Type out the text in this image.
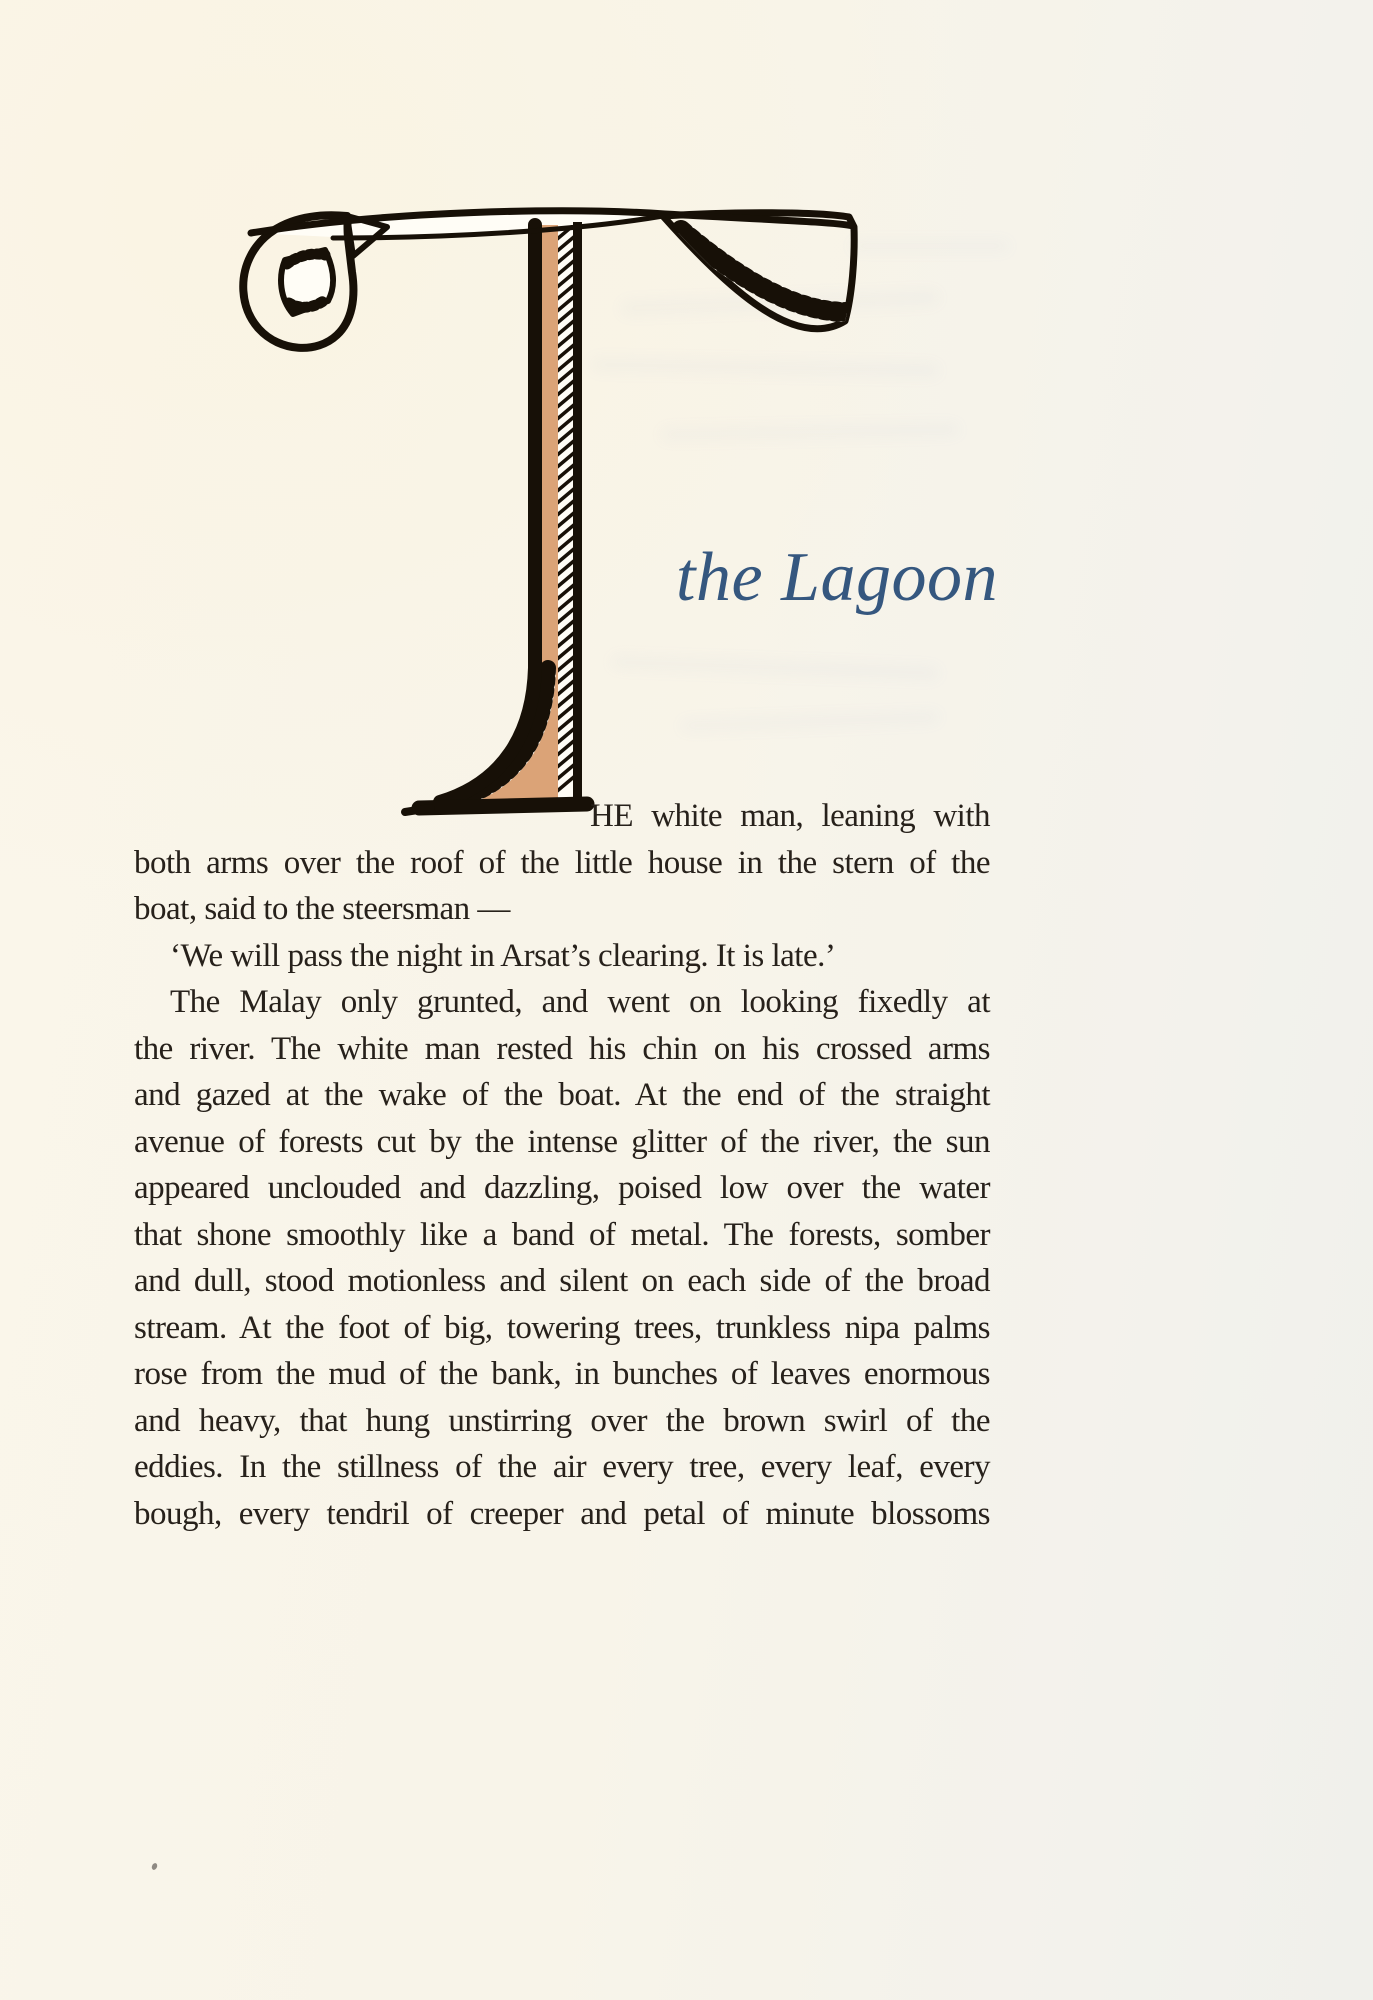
the Lagoon
HE white man, leaning with
both arms over the roof of the little house in the stern of the
boat, said to the steersman —
‘We will pass the night in Arsat’s clearing. It is late.’
The Malay only grunted, and went on looking fixedly at
the river. The white man rested his chin on his crossed arms
and gazed at the wake of the boat. At the end of the straight
avenue of forests cut by the intense glitter of the river, the sun
appeared unclouded and dazzling, poised low over the water
that shone smoothly like a band of metal. The forests, somber
and dull, stood motionless and silent on each side of the broad
stream. At the foot of big, towering trees, trunkless nipa palms
rose from the mud of the bank, in bunches of leaves enormous
and heavy, that hung unstirring over the brown swirl of the
eddies. In the stillness of the air every tree, every leaf, every
bough, every tendril of creeper and petal of minute blossoms
